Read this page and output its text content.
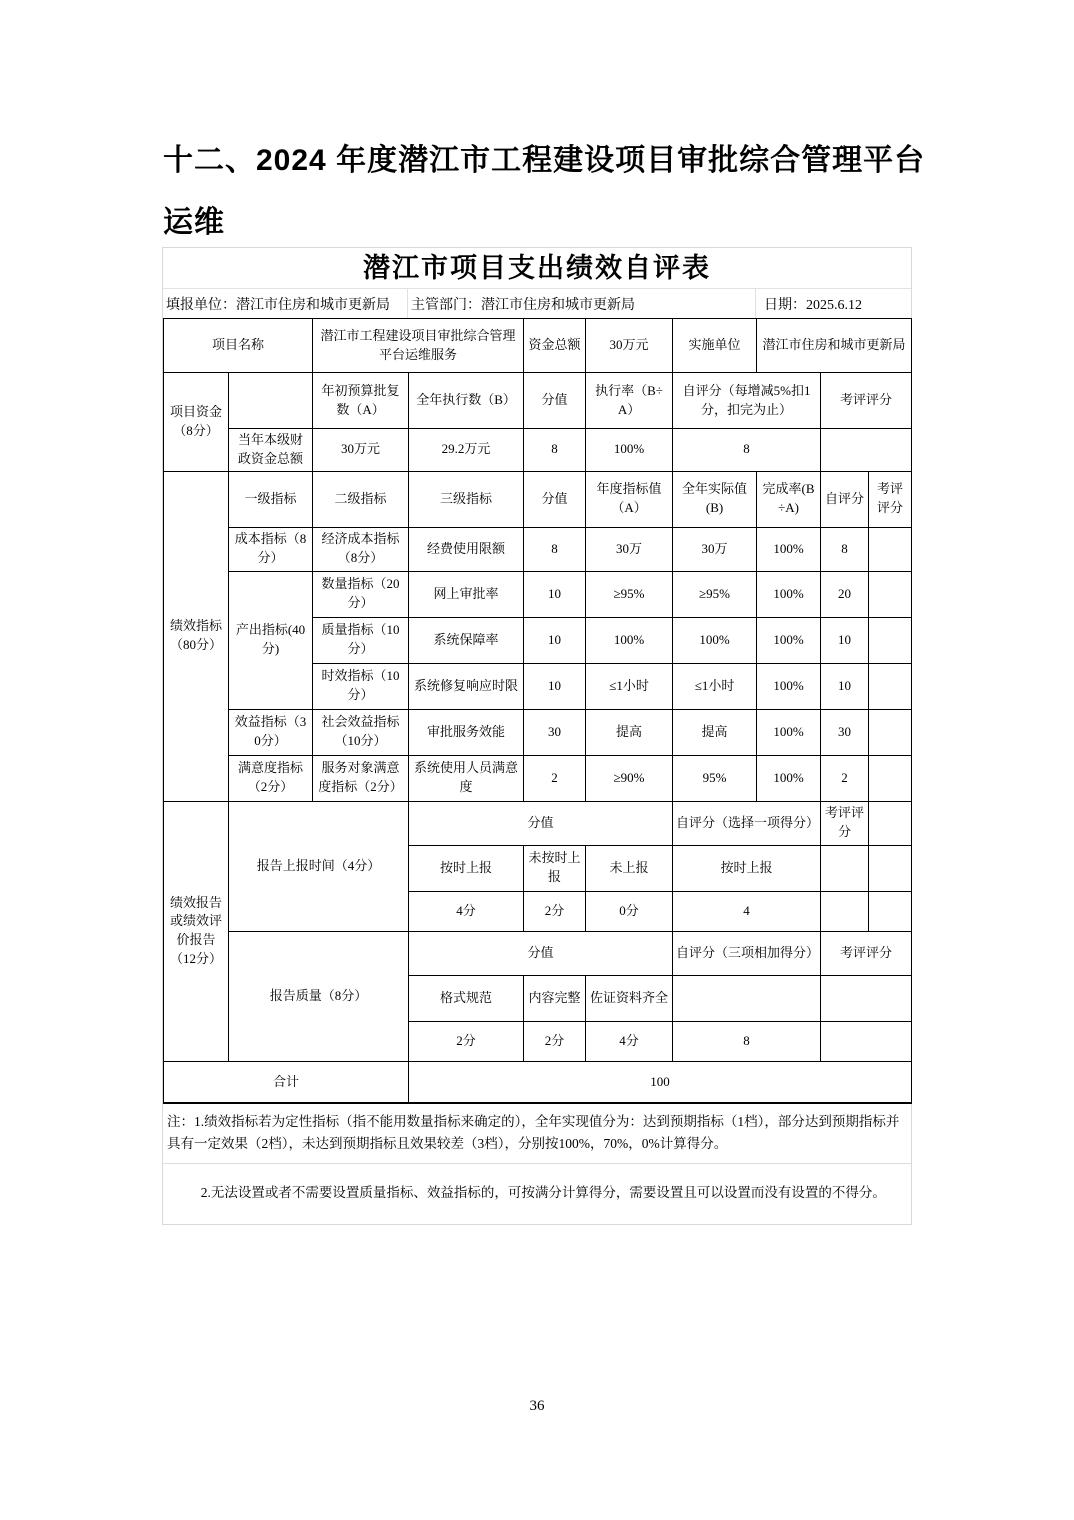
十二、2024 年度潜江市工程建设项目审批综合管理平台运维
潜江市项目支出绩效自评表
填报单位：潜江市住房和城市更新局	主管部门：潜江市住房和城市更新局	日期：2025.6.12
项目名称		潜江市工程建设项目审批综合管理平台运维服务		资金总额	30万元	实施单位	潜江市住房和城市更新局		
项目资金（8分）		年初预算批复数（A）	全年执行数（B）	分值	执行率（B÷A）	自评分（每增减5%扣1分，扣完为止）		考评评分	
	当年本级财政资金总额	30万元	29.2万元	8	100%	8			
绩效指标（80分）	一级指标	二级指标	三级指标	分值	年度指标值（A）	全年实际值(B)	完成率(B÷A)	自评分	考评评分
	成本指标（8分）	经济成本指标（8分）	经费使用限额	8	30万	30万	100%	8	
	产出指标(40分)	数量指标（20分）	网上审批率	10	≥95%	≥95%	100%	20	
		质量指标（10分）	系统保障率	10	100%	100%	100%	10	
		时效指标（10分）	系统修复响应时限	10	≤1小时	≤1小时	100%	10	
	效益指标（30分）	社会效益指标（10分）	审批服务效能	30	提高	提高	100%	30	
	满意度指标（2分）	服务对象满意度指标（2分）	系统使用人员满意度	2	≥90%	95%	100%	2	
绩效报告或绩效评价报告（12分）	报告上报时间（4分）		分值			自评分（选择一项得分）		考评评分	
			按时上报	未按时上报	未上报	按时上报			
			4分	2分	0分	4			
	报告质量（8分）		分值			自评分（三项相加得分）		考评评分	
			格式规范	内容完整	佐证资料齐全				
			2分	2分	4分	8			
合计			100						
注：1.绩效指标若为定性指标（指不能用数量指标来确定的），全年实现值分为：达到预期指标（1档），部分达到预期指标并具有一定效果（2档），未达到预期指标且效果较差（3档），分别按100%，70%，0%计算得分。
2.无法设置或者不需要设置质量指标、效益指标的，可按满分计算得分，需要设置且可以设置而没有设置的不得分。
36
